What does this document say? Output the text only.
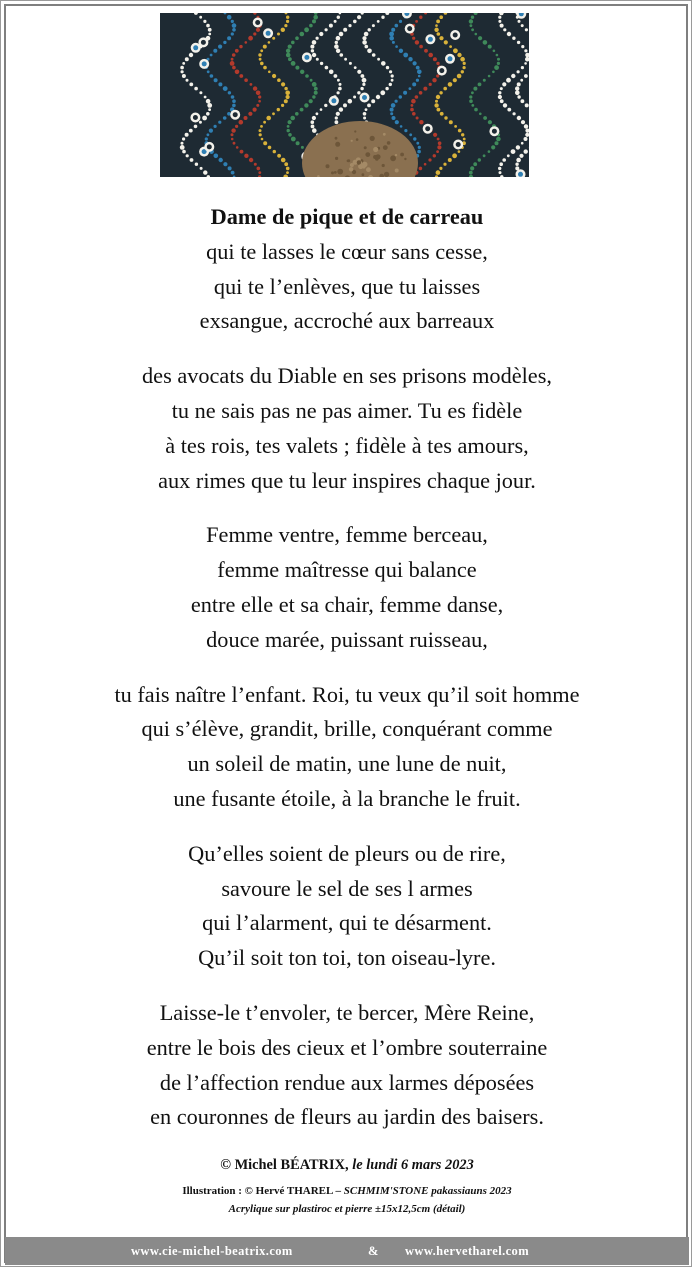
Dame de pique et de carreau

qui te lasses le cœur sans cesse,

qui te l’enlèves, que tu laisses

exsangue, accroché aux barreaux

des avocats du Diable en ses prisons modèles,

tu ne sais pas ne pas aimer. Tu es fidèle

à tes rois, tes valets ; fidèle à tes amours,

aux rimes que tu leur inspires chaque jour.

Femme ventre, femme berceau,

femme maîtresse qui balance

entre elle et sa chair, femme danse,

douce marée, puissant ruisseau,

tu fais naître l’enfant. Roi, tu veux qu’il soit homme

qui s’élève, grandit, brille, conquérant comme

un soleil de matin, une lune de nuit,

une fusante étoile, à la branche le fruit.

Qu’elles soient de pleurs ou de rire,

savoure le sel de ses l armes

qui l’alarment, qui te désarment.

Qu’il soit ton toi, ton oiseau-lyre.

Laisse-le t’envoler, te bercer, Mère Reine,

entre le bois des cieux et l’ombre souterraine

de l’affection rendue aux larmes déposées

en couronnes de fleurs au jardin des baisers.

© Michel BÉATRIX, le lundi 6 mars 2023
Illustration : © Hervé THAREL – SCHMIM'STONE pakassiauns 2023
Acrylique sur plastiroc et pierre ±15x12,5cm (détail)
www.cie-michel-beatrix.com	& www.hervetharel.com
